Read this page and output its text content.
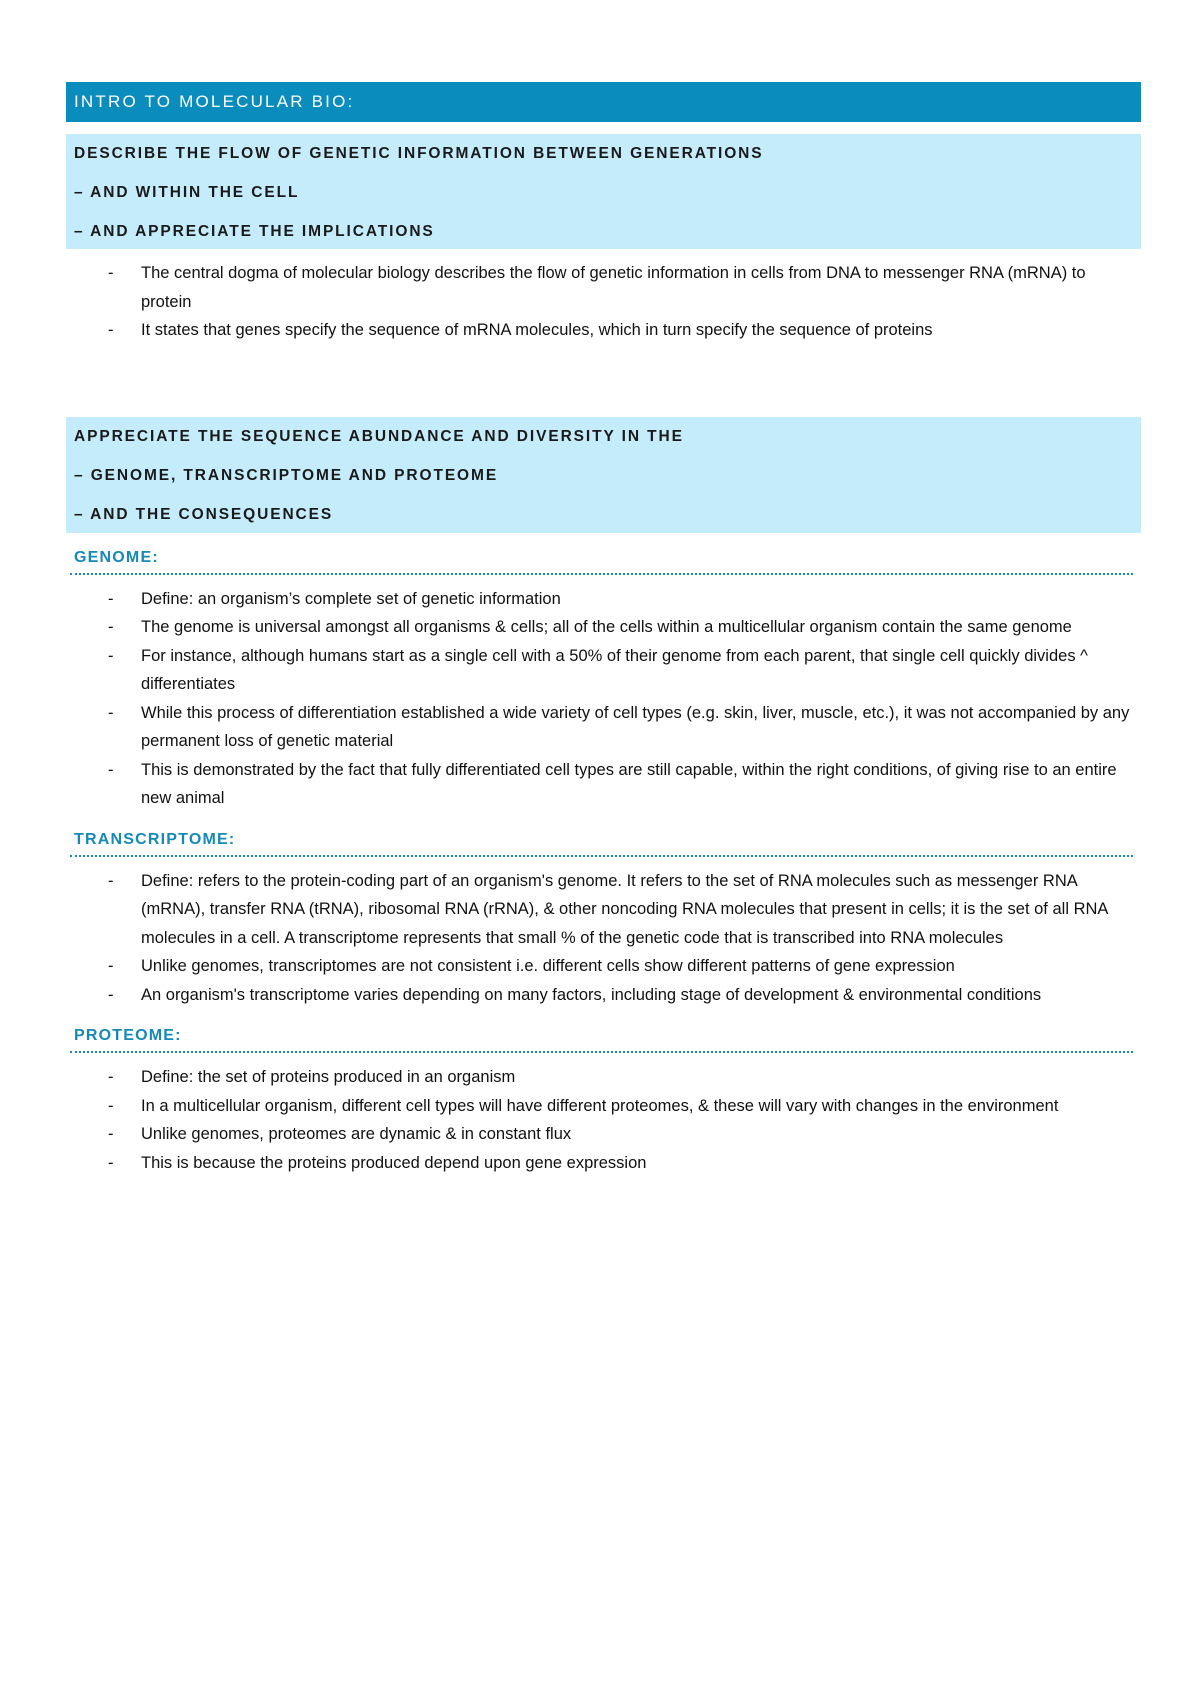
INTRO TO MOLECULAR BIO:
DESCRIBE THE FLOW OF GENETIC INFORMATION BETWEEN GENERATIONS
– AND WITHIN THE CELL
– AND APPRECIATE THE IMPLICATIONS
- The central dogma of molecular biology describes the flow of genetic information in cells from DNA to messenger RNA (mRNA) to protein
- It states that genes specify the sequence of mRNA molecules, which in turn specify the sequence of proteins
APPRECIATE THE SEQUENCE ABUNDANCE AND DIVERSITY IN THE
– GENOME, TRANSCRIPTOME AND PROTEOME
– AND THE CONSEQUENCES
GENOME:
- Define: an organism’s complete set of genetic information
- The genome is universal amongst all organisms & cells; all of the cells within a multicellular organism contain the same genome
- For instance, although humans start as a single cell with a 50% of their genome from each parent, that single cell quickly divides ^ differentiates
- While this process of differentiation established a wide variety of cell types (e.g. skin, liver, muscle, etc.), it was not accompanied by any permanent loss of genetic material
- This is demonstrated by the fact that fully differentiated cell types are still capable, within the right conditions, of giving rise to an entire new animal
TRANSCRIPTOME:
- Define: refers to the protein-coding part of an organism's genome. It refers to the set of RNA molecules such as messenger RNA (mRNA), transfer RNA (tRNA), ribosomal RNA (rRNA), & other noncoding RNA molecules that present in cells; it is the set of all RNA molecules in a cell. A transcriptome represents that small % of the genetic code that is transcribed into RNA molecules
- Unlike genomes, transcriptomes are not consistent i.e. different cells show different patterns of gene expression
- An organism's transcriptome varies depending on many factors, including stage of development & environmental conditions
PROTEOME:
- Define: the set of proteins produced in an organism
- In a multicellular organism, different cell types will have different proteomes, & these will vary with changes in the environment
- Unlike genomes, proteomes are dynamic & in constant flux
- This is because the proteins produced depend upon gene expression
